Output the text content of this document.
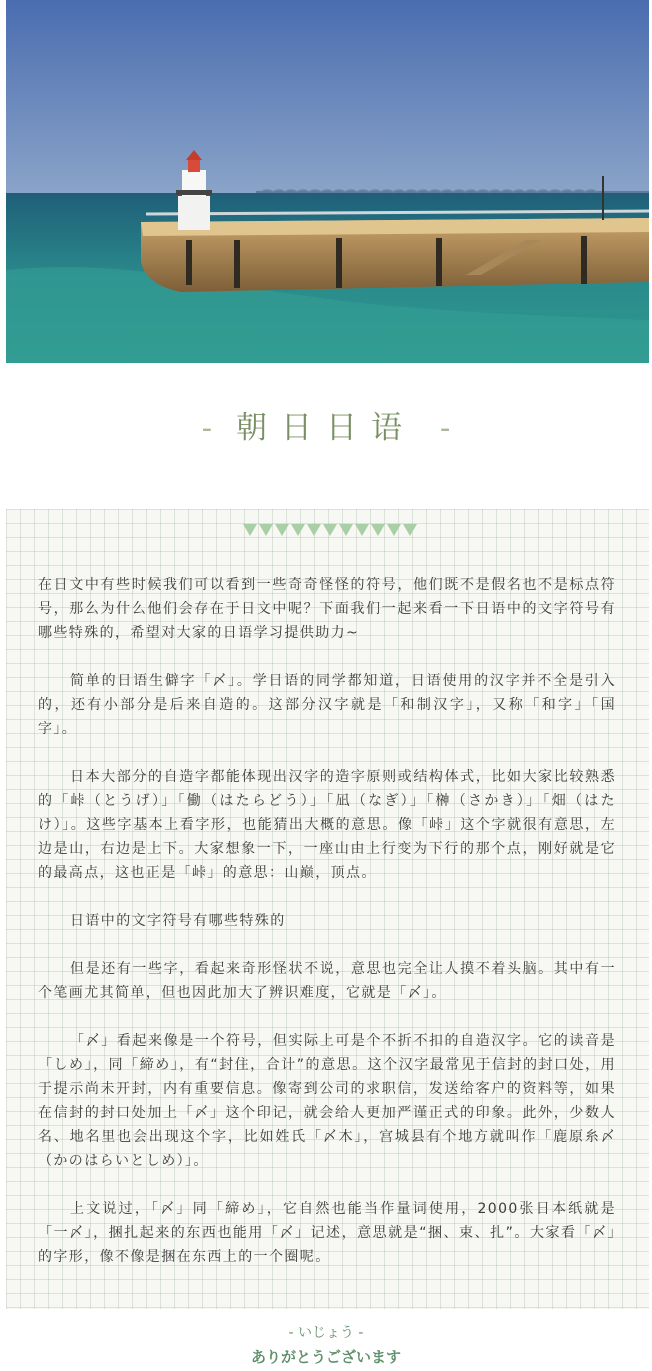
- 朝日日语 -

在日文中有些时候我们可以看到一些奇奇怪怪的符号，他们既不是假名也不是标点符号，那么为什么他们会存在于日文中呢？下面我们一起来看一下日语中的文字符号有哪些特殊的，希望对大家的日语学习提供助力~

简单的日语生僻字「〆」。学日语的同学都知道，日语使用的汉字并不全是引入的，还有小部分是后来自造的。这部分汉字就是「和制汉字」，又称「和字」「国字」。

日本大部分的自造字都能体现出汉字的造字原则或结构体式，比如大家比较熟悉的「峠（とうげ）」「働（はたらどう）」「凪（なぎ）」「榊（さかき）」「畑（はたけ）」。这些字基本上看字形，也能猜出大概的意思。像「峠」这个字就很有意思，左边是山，右边是上下。大家想象一下，一座山由上行变为下行的那个点，刚好就是它的最高点，这也正是「峠」的意思：山巅，顶点。

日语中的文字符号有哪些特殊的

但是还有一些字，看起来奇形怪状不说，意思也完全让人摸不着头脑。其中有一个笔画尤其简单，但也因此加大了辨识难度，它就是「〆」。

「〆」看起来像是一个符号，但实际上可是个不折不扣的自造汉字。它的读音是「しめ」，同「締め」，有“封住，合计”的意思。这个汉字最常见于信封的封口处，用于提示尚未开封，内有重要信息。像寄到公司的求职信，发送给客户的资料等，如果在信封的封口处加上「〆」这个印记，就会给人更加严谨正式的印象。此外，少数人名、地名里也会出现这个字，比如姓氏「〆木」，宫城县有个地方就叫作「鹿原糸〆（かのはらいとしめ）」。

上文说过，「〆」同「締め」，它自然也能当作量词使用，2000张日本纸就是「一〆」，捆扎起来的东西也能用「〆」记述，意思就是“捆、束、扎”。大家看「〆」的字形，像不像是捆在东西上的一个圈呢。

- いじょう -
ありがとうございます
